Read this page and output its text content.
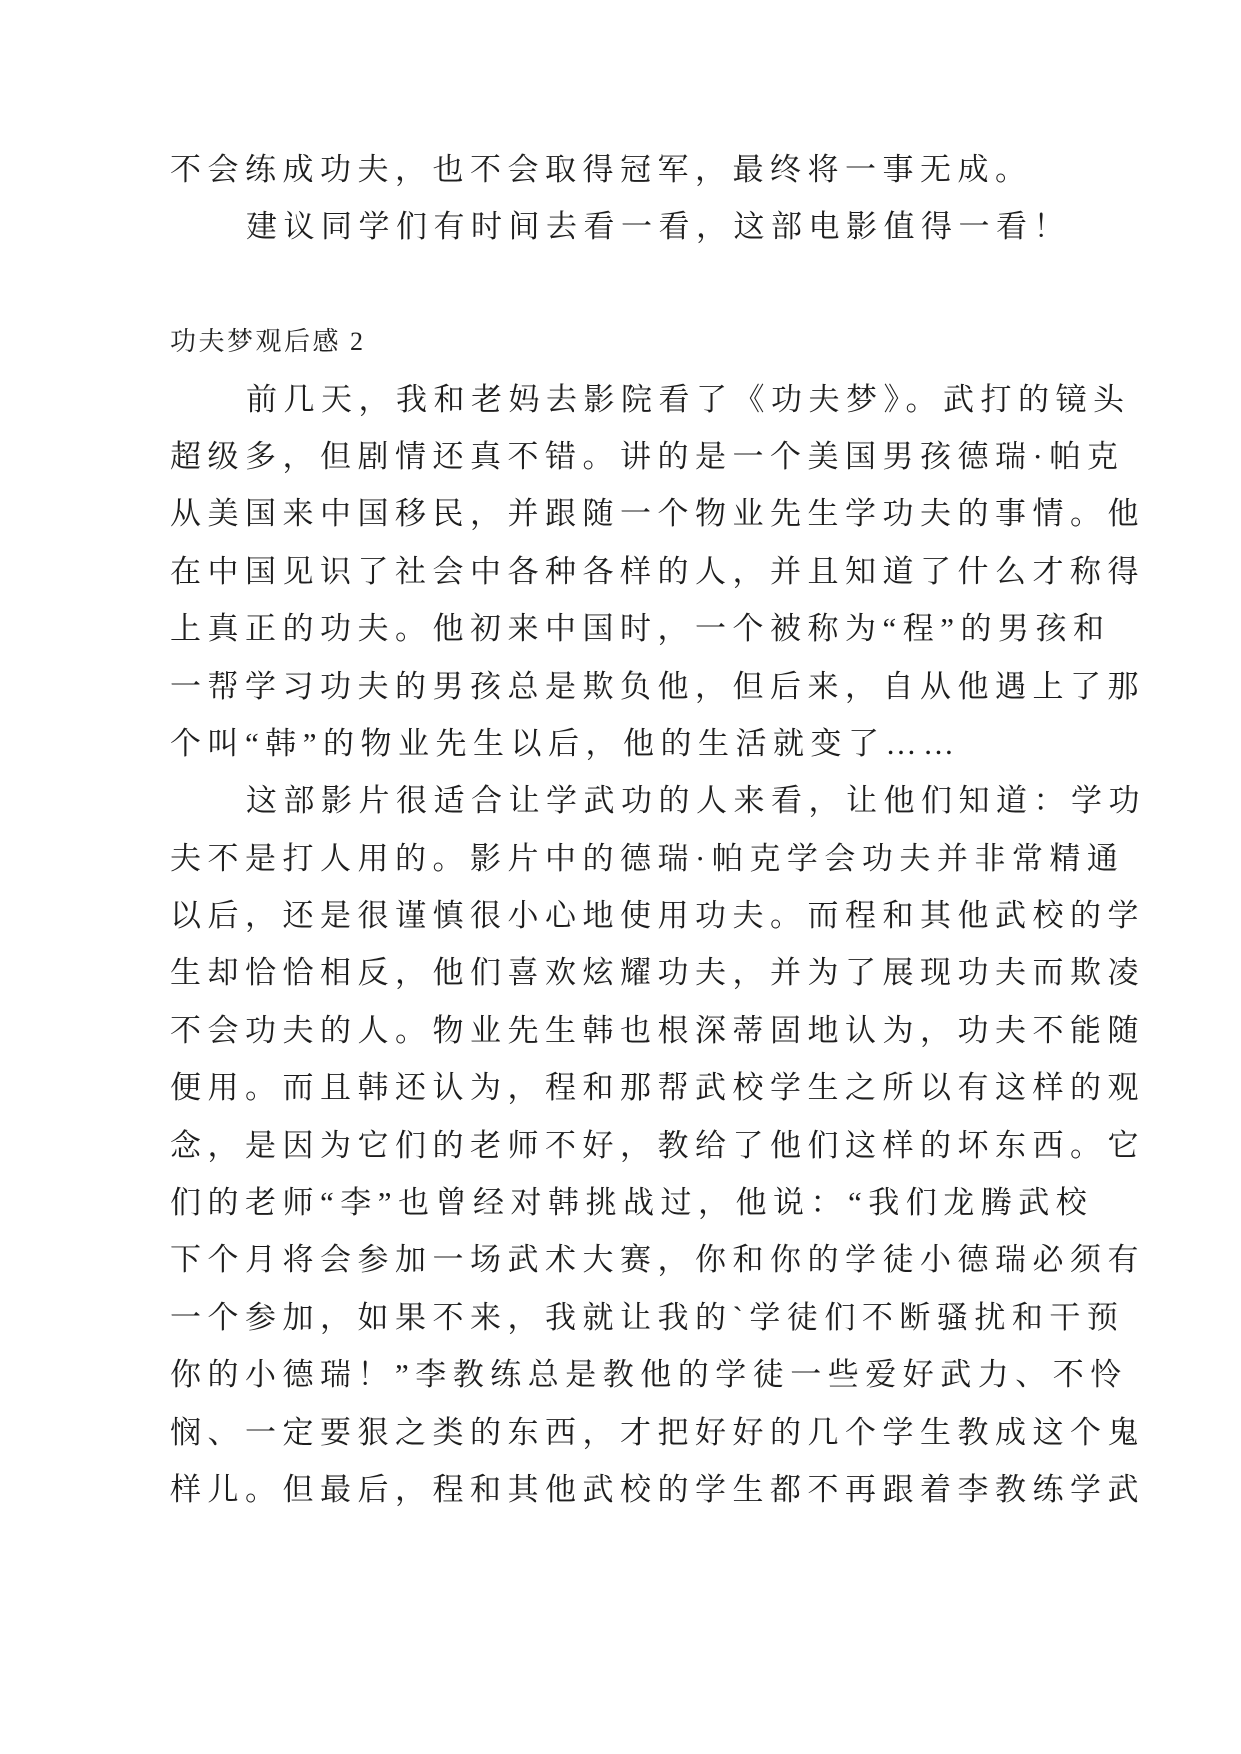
不会练成功夫，也不会取得冠军，最终将一事无成。
建议同学们有时间去看一看，这部电影值得一看！
功夫梦观后感 2
前几天，我和老妈去影院看了《功夫梦》。武打的镜头
超级多，但剧情还真不错。讲的是一个美国男孩德瑞·帕克
从美国来中国移民，并跟随一个物业先生学功夫的事情。他
在中国见识了社会中各种各样的人，并且知道了什么才称得
上真正的功夫。他初来中国时，一个被称为“程”的男孩和
一帮学习功夫的男孩总是欺负他，但后来，自从他遇上了那
个叫“韩”的物业先生以后，他的生活就变了……
这部影片很适合让学武功的人来看，让他们知道：学功
夫不是打人用的。影片中的德瑞·帕克学会功夫并非常精通
以后，还是很谨慎很小心地使用功夫。而程和其他武校的学
生却恰恰相反，他们喜欢炫耀功夫，并为了展现功夫而欺凌
不会功夫的人。物业先生韩也根深蒂固地认为，功夫不能随
便用。而且韩还认为，程和那帮武校学生之所以有这样的观
念，是因为它们的老师不好，教给了他们这样的坏东西。它
们的老师“李”也曾经对韩挑战过，他说：“我们龙腾武校
下个月将会参加一场武术大赛，你和你的学徒小德瑞必须有
一个参加，如果不来，我就让我的`学徒们不断骚扰和干预
你的小德瑞！”李教练总是教他的学徒一些爱好武力、不怜
悯、一定要狠之类的东西，才把好好的几个学生教成这个鬼
样儿。但最后，程和其他武校的学生都不再跟着李教练学武
